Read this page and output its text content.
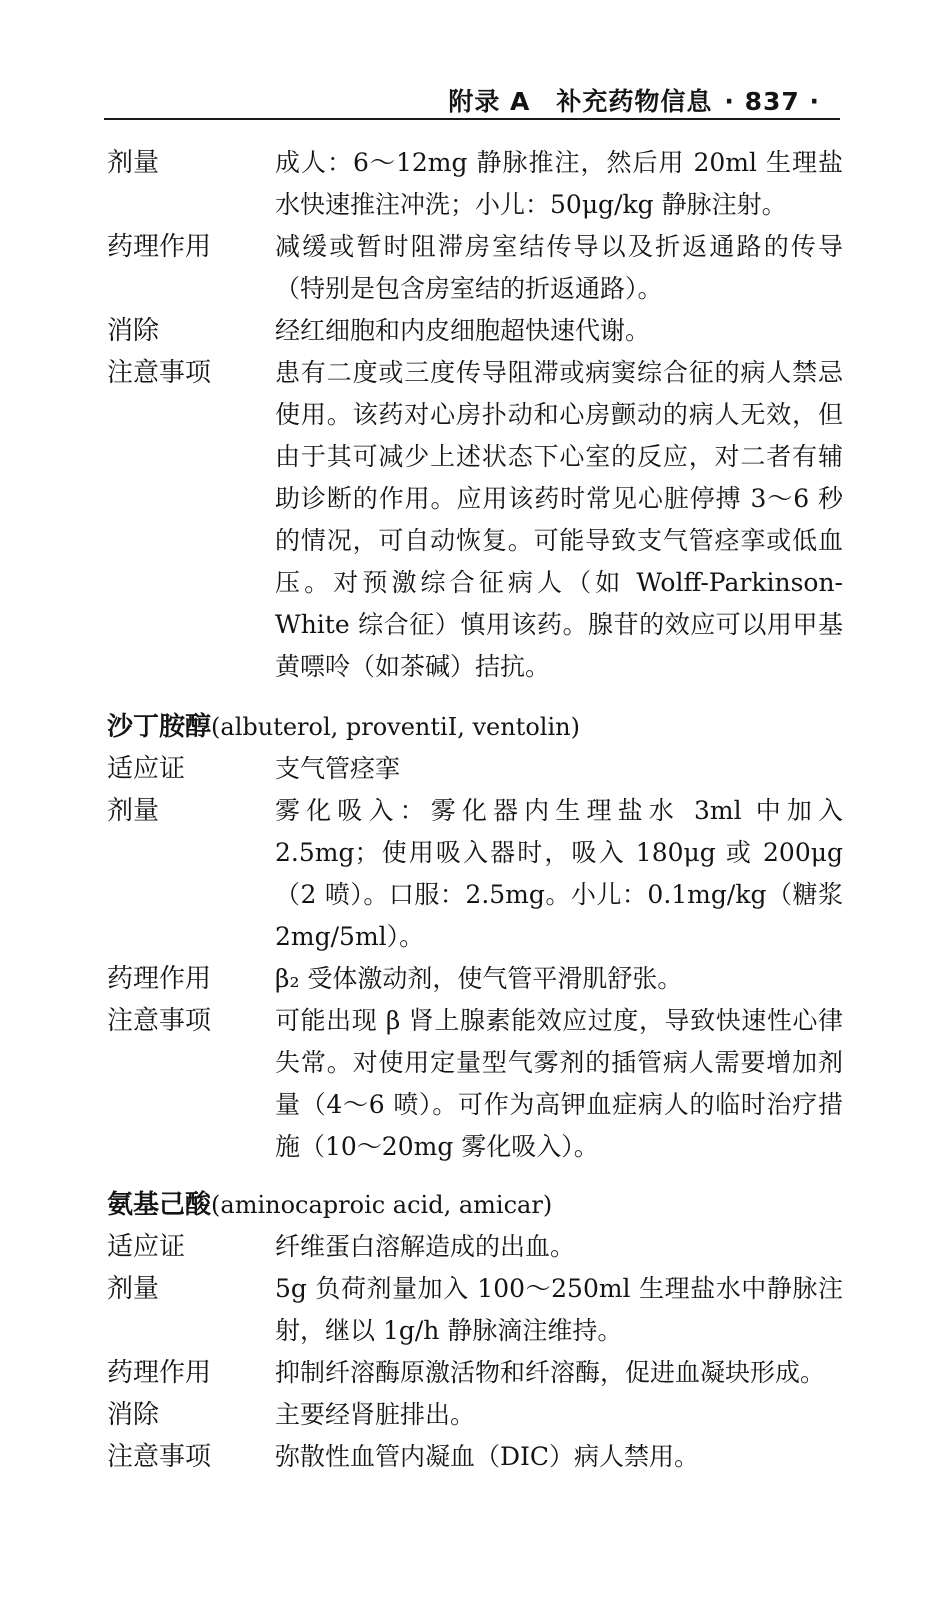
附录 A　补充药物信息 · 837 ·
剂量	成人：6～12mg 静脉推注，然后用 20ml 生理盐水快速推注冲洗；小儿：50μg/kg 静脉注射。
药理作用	减缓或暂时阻滞房室结传导以及折返通路的传导（特别是包含房室结的折返通路）。
消除	经红细胞和内皮细胞超快速代谢。
注意事项	患有二度或三度传导阻滞或病窦综合征的病人禁忌使用。该药对心房扑动和心房颤动的病人无效，但由于其可减少上述状态下心室的反应，对二者有辅助诊断的作用。应用该药时常见心脏停搏 3～6 秒的情况，可自动恢复。可能导致支气管痉挛或低血压。对预激综合征病人（如 Wolff-Parkinson-White 综合征）慎用该药。腺苷的效应可以用甲基黄嘌呤（如茶碱）拮抗。
沙丁胺醇(albuterol, proventiI, ventolin)
适应证	支气管痉挛
剂量	雾化吸入：雾化器内生理盐水 3ml 中加入 2.5mg；使用吸入器时，吸入 180μg 或 200μg（2 喷）。口服：2.5mg。小儿：0.1mg/kg（糖浆 2mg/5ml）。
药理作用	β₂ 受体激动剂，使气管平滑肌舒张。
注意事项	可能出现 β 肾上腺素能效应过度，导致快速性心律失常。对使用定量型气雾剂的插管病人需要增加剂量（4～6 喷）。可作为高钾血症病人的临时治疗措施（10～20mg 雾化吸入）。
氨基己酸(aminocaproic acid, amicar)
适应证	纤维蛋白溶解造成的出血。
剂量	5g 负荷剂量加入 100～250ml 生理盐水中静脉注射，继以 1g/h 静脉滴注维持。
药理作用	抑制纤溶酶原激活物和纤溶酶，促进血凝块形成。
消除	主要经肾脏排出。
注意事项	弥散性血管内凝血（DIC）病人禁用。
